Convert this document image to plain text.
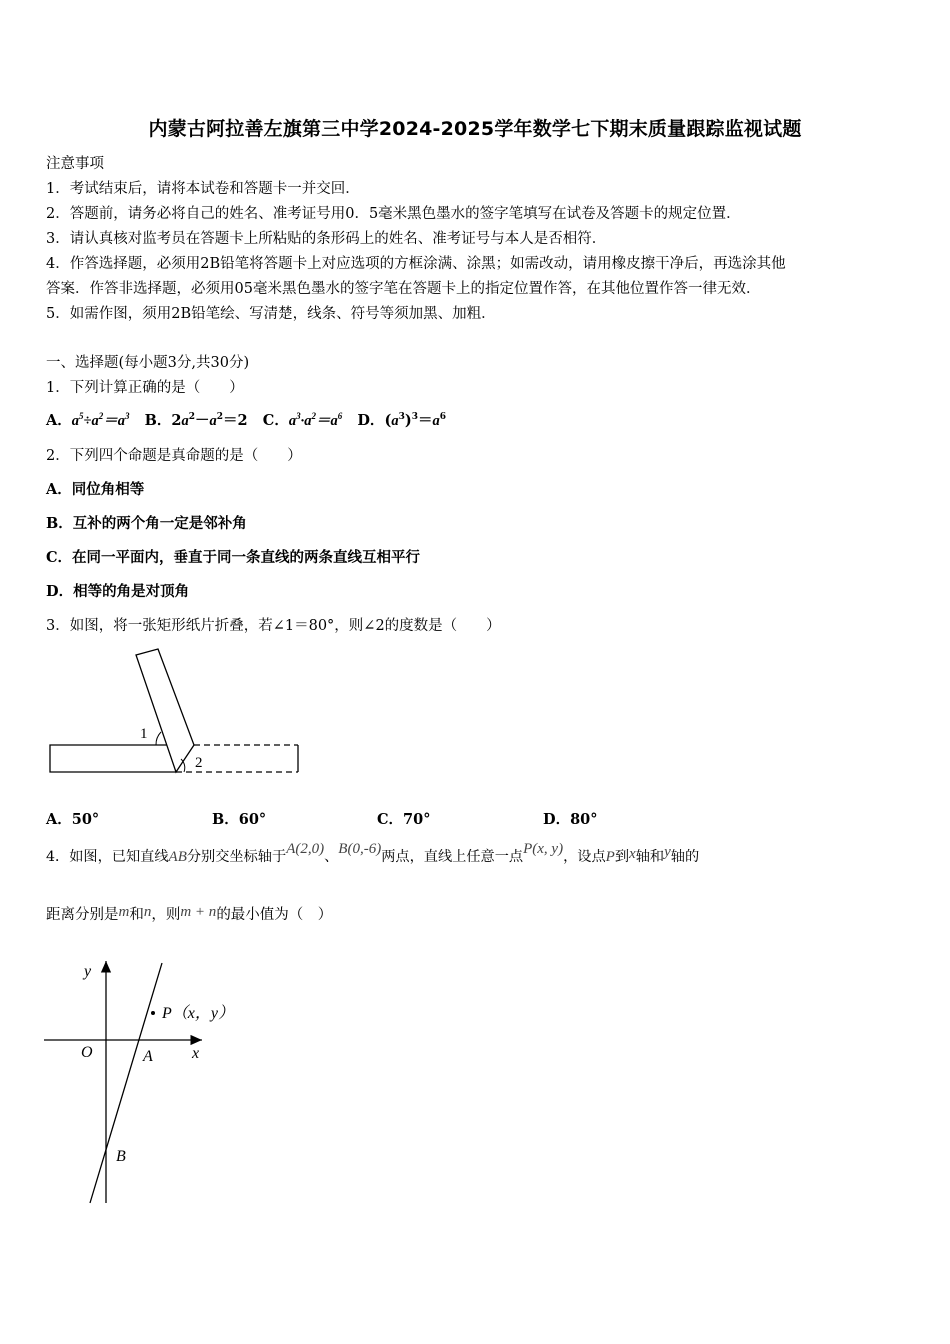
内蒙古阿拉善左旗第三中学2024-2025学年数学七下期末质量跟踪监视试题
注意事项
1．考试结束后，请将本试卷和答题卡一并交回．
2．答题前，请务必将自己的姓名、准考证号用0．5毫米黑色墨水的签字笔填写在试卷及答题卡的规定位置．
3．请认真核对监考员在答题卡上所粘贴的条形码上的姓名、准考证号与本人是否相符．
4．作答选择题，必须用2B铅笔将答题卡上对应选项的方框涂满、涂黑；如需改动，请用橡皮擦干净后，再选涂其他
答案．作答非选择题，必须用05毫米黑色墨水的签字笔在答题卡上的指定位置作答，在其他位置作答一律无效．
5．如需作图，须用2B铅笔绘、写清楚，线条、符号等须加黑、加粗．
一、选择题(每小题3分,共30分)
1．下列计算正确的是（　　）
A．$a^5\div a^2=a^3$ B．$2a^2-a^2=2$ C．$a^3\cdot a^2=a^6$ D．$(a^3)^3=a^6$
2．下列四个命题是真命题的是（　　）
A．同位角相等
B．互补的两个角一定是邻补角
C．在同一平面内，垂直于同一条直线的两条直线互相平行
D．相等的角是对顶角
3．如图，将一张矩形纸片折叠，若∠1＝80°，则∠2的度数是（　　）
1
2
A．50°	B．60°	C．70°	D．80°
4．如图，已知直线AB分别交坐标轴于A(2,0)、B(0,-6)两点，直线上任意一点P(x, y)，设点P到x轴和y轴的
距离分别是m和n，则m + n的最小值为（　）
y
x
O	A
B
P（x，y）
